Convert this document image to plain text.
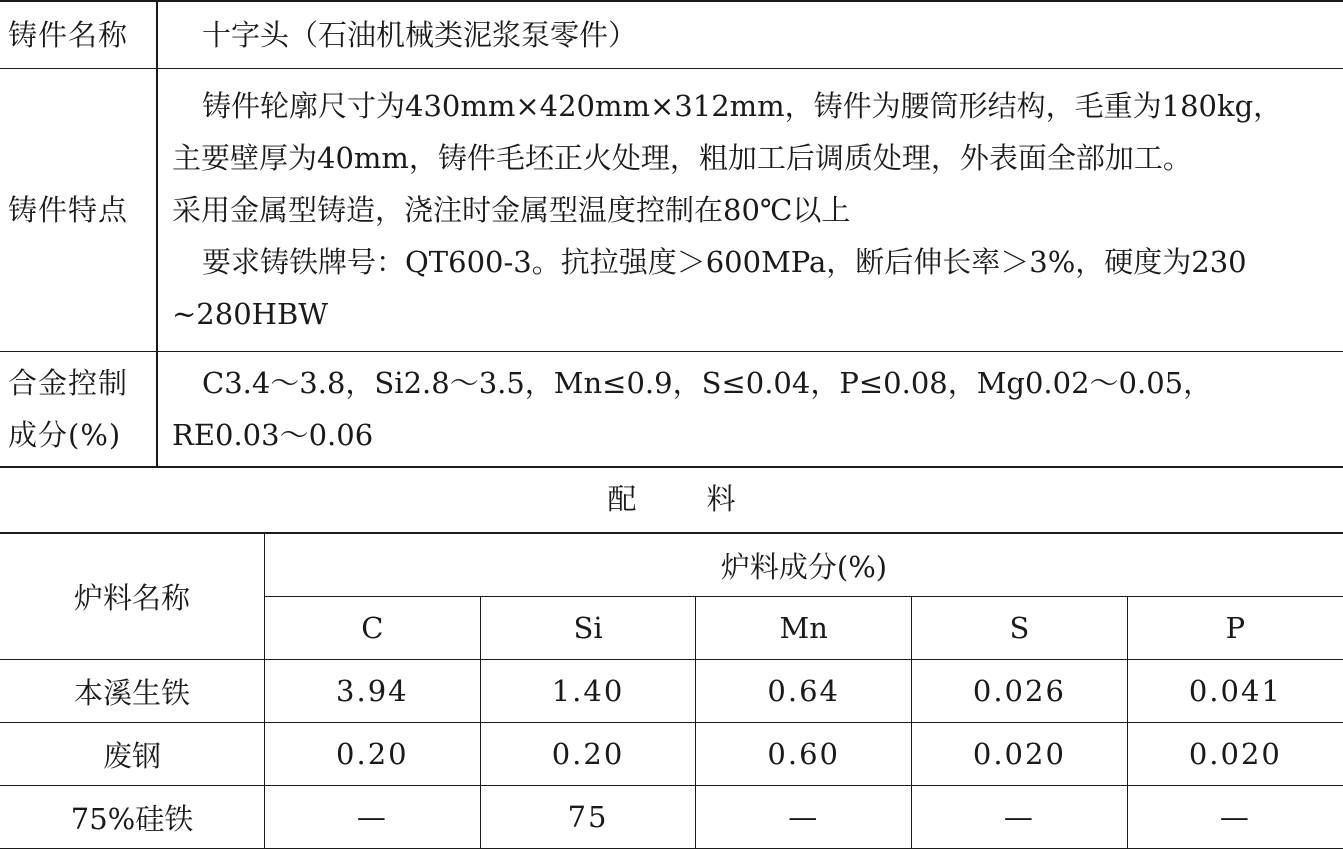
铸件名称	十字头（石油机械类泥浆泵零件）

铸件特点	铸件轮廓尺寸为430mm×420mm×312mm，铸件为腰筒形结构，毛重为180kg，
主要壁厚为40mm，铸件毛坯正火处理，粗加工后调质处理，外表面全部加工。
采用金属型铸造，浇注时金属型温度控制在80℃以上
要求铸铁牌号：QT600-3。抗拉强度＞600MPa，断后伸长率＞3%，硬度为230
~280HBW

合金控制
成分(%)	C3.4～3.8，Si2.8～3.5，Mn≤0.9，S≤0.04，P≤0.08，Mg0.02～0.05，
RE0.03～0.06
配料
炉料名称	炉料成分(%)				
	C	Si	Mn	S	P
本溪生铁	3.94	1.40	0.64	0.026	0.041
废钢	0.20	0.20	0.60	0.020	0.020
75%硅铁	—	75	—	—	—
